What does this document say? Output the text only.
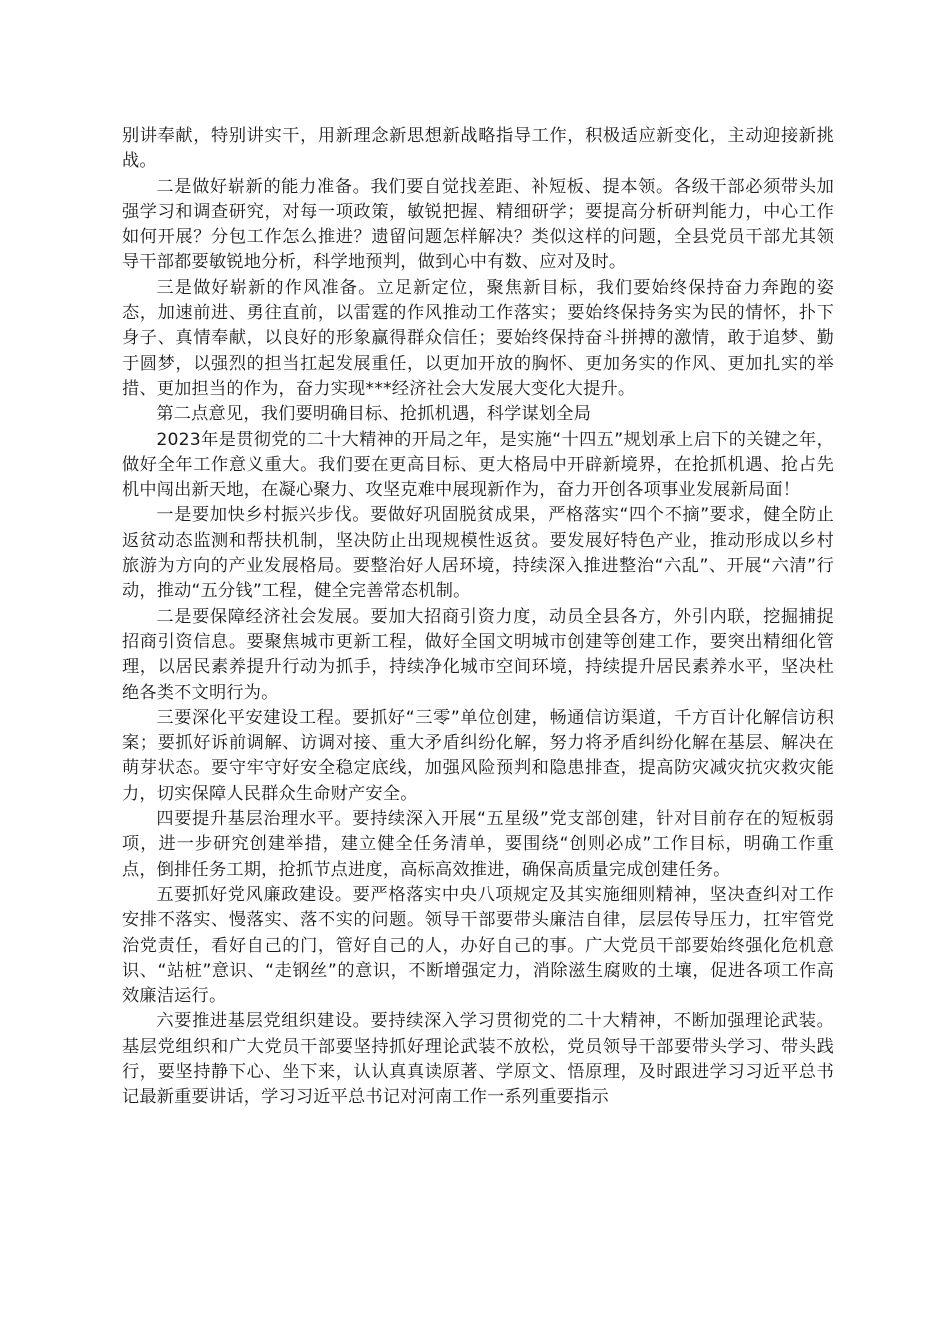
别讲奉献，特别讲实干，用新理念新思想新战略指导工作，积极适应新变化，主动迎接新挑战。

二是做好崭新的能力准备。我们要自觉找差距、补短板、提本领。各级干部必须带头加强学习和调查研究，对每一项政策，敏锐把握、精细研学；要提高分析研判能力，中心工作如何开展？分包工作怎么推进？遗留问题怎样解决？类似这样的问题，全县党员干部尤其领导干部都要敏锐地分析，科学地预判，做到心中有数、应对及时。

三是做好崭新的作风准备。立足新定位，聚焦新目标，我们要始终保持奋力奔跑的姿态，加速前进、勇往直前，以雷霆的作风推动工作落实；要始终保持务实为民的情怀，扑下身子、真情奉献，以良好的形象赢得群众信任；要始终保持奋斗拼搏的激情，敢于追梦、勤于圆梦，以强烈的担当扛起发展重任，以更加开放的胸怀、更加务实的作风、更加扎实的举措、更加担当的作为，奋力实现***经济社会大发展大变化大提升。

第二点意见，我们要明确目标、抢抓机遇，科学谋划全局

2023年是贯彻党的二十大精神的开局之年，是实施“十四五”规划承上启下的关键之年，做好全年工作意义重大。我们要在更高目标、更大格局中开辟新境界，在抢抓机遇、抢占先机中闯出新天地，在凝心聚力、攻坚克难中展现新作为，奋力开创各项事业发展新局面！

一是要加快乡村振兴步伐。要做好巩固脱贫成果，严格落实“四个不摘”要求，健全防止返贫动态监测和帮扶机制，坚决防止出现规模性返贫。要发展好特色产业，推动形成以乡村旅游为方向的产业发展格局。要整治好人居环境，持续深入推进整治“六乱”、开展“六清”行动，推动“五分钱”工程，健全完善常态机制。

二是要保障经济社会发展。要加大招商引资力度，动员全县各方，外引内联，挖掘捕捉招商引资信息。要聚焦城市更新工程，做好全国文明城市创建等创建工作，要突出精细化管理，以居民素养提升行动为抓手，持续净化城市空间环境，持续提升居民素养水平，坚决杜绝各类不文明行为。

三要深化平安建设工程。要抓好“三零”单位创建，畅通信访渠道，千方百计化解信访积案；要抓好诉前调解、访调对接、重大矛盾纠纷化解，努力将矛盾纠纷化解在基层、解决在萌芽状态。要守牢守好安全稳定底线，加强风险预判和隐患排查，提高防灾减灾抗灾救灾能力，切实保障人民群众生命财产安全。

四要提升基层治理水平。要持续深入开展“五星级”党支部创建，针对目前存在的短板弱项，进一步研究创建举措，建立健全任务清单，要围绕“创则必成”工作目标，明确工作重点，倒排任务工期，抢抓节点进度，高标高效推进，确保高质量完成创建任务。

五要抓好党风廉政建设。要严格落实中央八项规定及其实施细则精神，坚决查纠对工作安排不落实、慢落实、落不实的问题。领导干部要带头廉洁自律，层层传导压力，扛牢管党治党责任，看好自己的门，管好自己的人，办好自己的事。广大党员干部要始终强化危机意识、“站桩”意识、“走钢丝”的意识，不断增强定力，消除滋生腐败的土壤，促进各项工作高效廉洁运行。

六要推进基层党组织建设。要持续深入学习贯彻党的二十大精神，不断加强理论武装。基层党组织和广大党员干部要坚持抓好理论武装不放松，党员领导干部要带头学习、带头践行，要坚持静下心、坐下来，认认真真读原著、学原文、悟原理，及时跟进学习习近平总书记最新重要讲话，学习习近平总书记对河南工作一系列重要指示
